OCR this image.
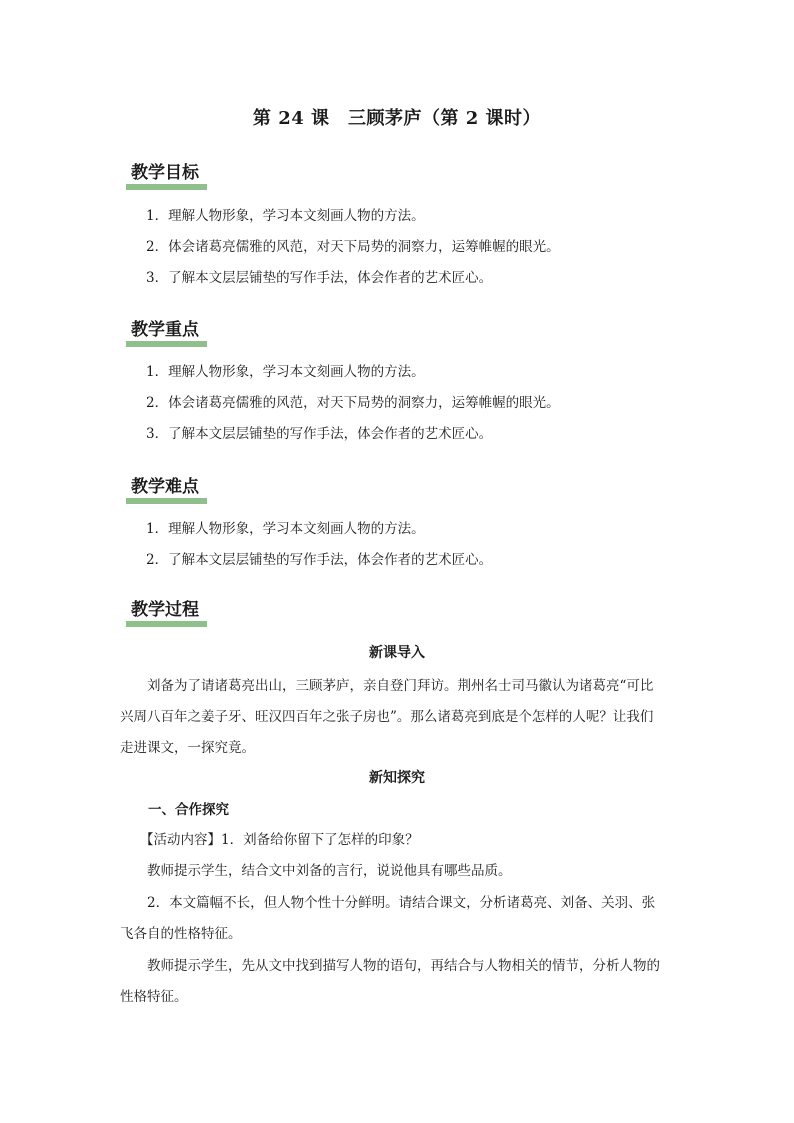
第 24 课　三顾茅庐（第 2 课时）
教学目标
1．理解人物形象，学习本文刻画人物的方法。
2．体会诸葛亮儒雅的风范，对天下局势的洞察力，运筹帷幄的眼光。
3．了解本文层层铺垫的写作手法，体会作者的艺术匠心。
教学重点
1．理解人物形象，学习本文刻画人物的方法。
2．体会诸葛亮儒雅的风范，对天下局势的洞察力，运筹帷幄的眼光。
3．了解本文层层铺垫的写作手法，体会作者的艺术匠心。
教学难点
1．理解人物形象，学习本文刻画人物的方法。
2．了解本文层层铺垫的写作手法，体会作者的艺术匠心。
教学过程
新课导入
刘备为了请诸葛亮出山，三顾茅庐，亲自登门拜访。荆州名士司马徽认为诸葛亮“可比
兴周八百年之姜子牙、旺汉四百年之张子房也”。那么诸葛亮到底是个怎样的人呢？让我们
走进课文，一探究竟。
新知探究
一、合作探究
【活动内容】1．刘备给你留下了怎样的印象？
教师提示学生，结合文中刘备的言行，说说他具有哪些品质。
2．本文篇幅不长，但人物个性十分鲜明。请结合课文，分析诸葛亮、刘备、关羽、张
飞各自的性格特征。
教师提示学生，先从文中找到描写人物的语句，再结合与人物相关的情节，分析人物的
性格特征。
